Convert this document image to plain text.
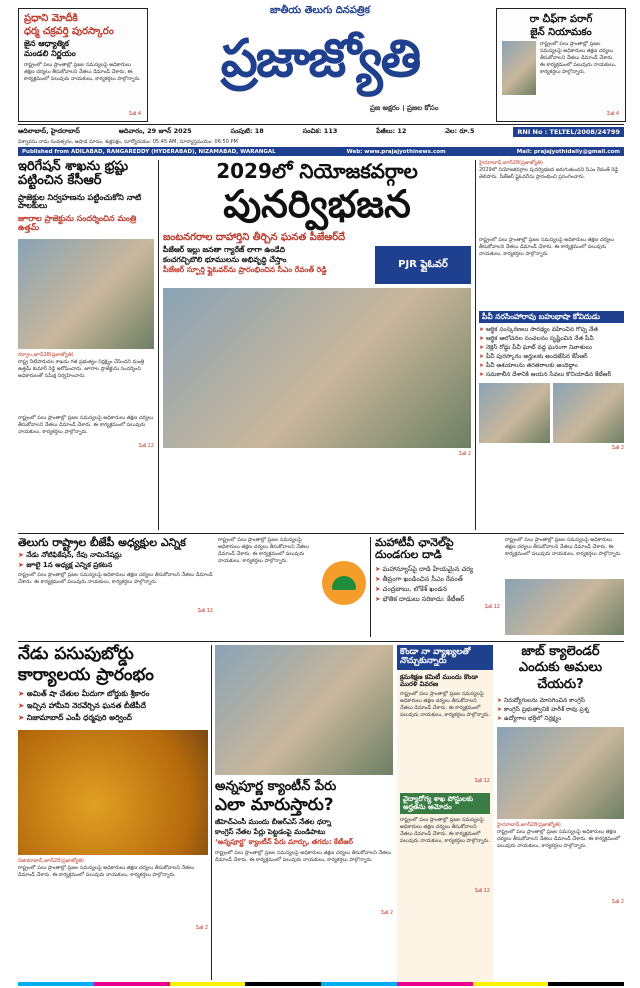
ప్రధాని మోదీకి
ధర్మ చక్రవర్తి పురస్కారం
జైన ఆధ్యాత్మిక
మండలి నిర్ణయం
రాష్ట్రంలో పలు ప్రాంతాల్లో ప్రజల సమస్యలపై అధికారులు తక్షణ చర్యలు తీసుకోవాలని నేతలు డిమాండ్ చేశారు. ఈ కార్యక్రమంలో పలువురు నాయకులు, కార్యకర్తలు పాల్గొన్నారు.
పేజీ 4
జాతీయ తెలుగు దినపత్రిక
ప్రజాజ్యోతి
ప్రజ అక్షరం । ప్రజల కోసం
రా చీఫ్‌గా పరాగ్
జైన్ నియామకం
రాష్ట్రంలో పలు ప్రాంతాల్లో ప్రజల సమస్యలపై అధికారులు తక్షణ చర్యలు తీసుకోవాలని నేతలు డిమాండ్ చేశారు. ఈ కార్యక్రమంలో పలువురు నాయకులు, కార్యకర్తలు పాల్గొన్నారు.
పేజీ 4
ఆదిలాబాద్, హైదరాబాద్	ఆదివారం, 29 జూన్ 2025	సంపుటి: 18	సంచిక: 113	పేజీలు: 12	వెల: రూ.5	RNI No : TELTEL/2008/24799
విశ్వావసు నామ సంవత్సరం, ఆషాడ మాసం, శుక్లపక్షం, సూర్యోదయం: 05:45 AM, సూర్యాస్తమయం: 06:50 PM
Published from ADILABAD, RANGAREDDY (HYDERABAD), NIZAMABAD, WARANGAL	Web: www.prajajyothinews.com	Mail: prajajyothidaily@gmail.com
ఇరిగేషన్ శాఖను భ్రష్టు పట్టించిన కేసీఆర్
ప్రాజెక్టుల నిర్వహణను పట్టించుకోని నాటి పాలకులు
జూరాల ప్రాజెక్టును సందర్శించిన మంత్రి ఉత్తమ్
గద్వాల,జూన్28(ప్రజాజ్యోతి)
రాష్ట్ర నీటిపారుదల శాఖను గత ప్రభుత్వం నిర్లక్ష్యం చేసిందని మంత్రి ఉత్తమ్ కుమార్ రెడ్డి ఆరోపించారు. జూరాల ప్రాజెక్టును సందర్శించి అధికారులతో సమీక్ష నిర్వహించారు.
రాష్ట్రంలో పలు ప్రాంతాల్లో ప్రజల సమస్యలపై అధికారులు తక్షణ చర్యలు తీసుకోవాలని నేతలు డిమాండ్ చేశారు. ఈ కార్యక్రమంలో పలువురు నాయకులు, కార్యకర్తలు పాల్గొన్నారు.
పేజీ 12
2029లో నియోజకవర్గాల
పునర్విభజన
జంటనగరాల దాహార్తిని తీర్చిన ఘనత పీజేఆర్‌దే
పీజేఆర్ ఇల్లు జనతా గ్యారేజ్ లాగా ఉండేది
కంచగచ్చిబౌలి భూములను అభివృద్ధి చేస్తాం
పీజేఆర్ స్ఫూర్తి ఫ్లైఓవర్‌ను ప్రారంభించిన సీఎం రేవంత్ రెడ్డి	PJR ఫ్లైఓవర్
పేజీ 2
హైదరాబాద్,జూన్28(ప్రజాజ్యోతి)
2029లో నియోజకవర్గాల పునర్విభజన జరుగుతుందని సీఎం రేవంత్ రెడ్డి తెలిపారు. పీజేఆర్ ఫ్లైఓవర్‌ను ప్రారంభించి ప్రసంగించారు.
రాష్ట్రంలో పలు ప్రాంతాల్లో ప్రజల సమస్యలపై అధికారులు తక్షణ చర్యలు తీసుకోవాలని నేతలు డిమాండ్ చేశారు. ఈ కార్యక్రమంలో పలువురు నాయకులు, కార్యకర్తలు పాల్గొన్నారు.
పీవీ నరసింహారావు బహుభాషా కోవిదుడు
➤ ఆర్థిక సంస్కరణలు సారథ్యం వహించిన గొప్ప నేత
➤ ఆర్థిక ఆలోచనల సంచలనం సృష్టించిన నేత పీవీ
➤ నెక్లెస్ రోడ్డు పీవీ ఘాట్ వద్ద ఘనంగా నివాళులు
➤ పీవీ పురస్కారం అర్హులకు అందజేసిన కేసీఆర్
➤ పీవీ ఆశయాలను తరతరాలకు అందిద్దాం
➤ సమకాలీన దేశానికి ఆయన సేవలు కొనియాడిన కేటీఆర్
పేజీ 2
తెలుగు రాష్ట్రాల బీజేపీ అధ్యక్షుల ఎన్నిక
➤ నేడు నోటిఫికేషన్, రేపు నామినేషన్లు
➤ జూలై 1న అధ్యక్ష ఎన్నిక ప్రకటన
రాష్ట్రంలో పలు ప్రాంతాల్లో ప్రజల సమస్యలపై అధికారులు తక్షణ చర్యలు తీసుకోవాలని నేతలు డిమాండ్ చేశారు. ఈ కార్యక్రమంలో పలువురు నాయకులు, కార్యకర్తలు పాల్గొన్నారు.
పేజీ 12
రాష్ట్రంలో పలు ప్రాంతాల్లో ప్రజల సమస్యలపై అధికారులు తక్షణ చర్యలు తీసుకోవాలని నేతలు డిమాండ్ చేశారు. ఈ కార్యక్రమంలో పలువురు నాయకులు, కార్యకర్తలు పాల్గొన్నారు.
మహాటీవీ ఛానెల్‌పై దుండగుల దాడి
➤ మహాన్యూస్‌పై దాడి హేయమైన చర్య
➤ తీవ్రంగా ఖండించిన సీఎం రేవంత్
➤ చంద్రబాబు, లోకేశ్ ఖండన
➤ భౌతిక దాడులు సరికాదు: కేటీఆర్
పేజీ 12
రాష్ట్రంలో పలు ప్రాంతాల్లో ప్రజల సమస్యలపై అధికారులు తక్షణ చర్యలు తీసుకోవాలని నేతలు డిమాండ్ చేశారు. ఈ కార్యక్రమంలో పలువురు నాయకులు, కార్యకర్తలు పాల్గొన్నారు.
నేడు పసుపుబోర్డు
కార్యాలయ ప్రారంభం
➤ అమిత్ షా చేతుల మీదుగా బోర్డుకు శ్రీకారం
➤ ఇచ్చిన హామీని నెరవేర్చిన ఘనత బీజేపీదే
➤ నిజామాబాద్ ఎంపీ ధర్మపురి అర్వింద్
నిజామాబాద్,జూన్28(ప్రజాజ్యోతి)
రాష్ట్రంలో పలు ప్రాంతాల్లో ప్రజల సమస్యలపై అధికారులు తక్షణ చర్యలు తీసుకోవాలని నేతలు డిమాండ్ చేశారు. ఈ కార్యక్రమంలో పలువురు నాయకులు, కార్యకర్తలు పాల్గొన్నారు.
పేజీ 2
అన్నపూర్ణ క్యాంటీన్ పేరు
ఎలా మారుస్తారు?
జీహెచ్ఎంసీ ముందు బీఆర్ఎస్ నేతల ధర్నా
కాంగ్రెస్ నేతల పేర్లు పెట్టడంపై మండిపాటు
‘అన్నపూర్ణ’ క్యాంటీన్ పేరు మార్పు, తగదు: కేటీఆర్
రాష్ట్రంలో పలు ప్రాంతాల్లో ప్రజల సమస్యలపై అధికారులు తక్షణ చర్యలు తీసుకోవాలని నేతలు డిమాండ్ చేశారు. ఈ కార్యక్రమంలో పలువురు నాయకులు, కార్యకర్తలు పాల్గొన్నారు.
పేజీ 2
కొండా నా వ్యాఖ్యలతో నొచ్చుకున్నారు
క్రమశిక్షణ కమిటీ ముందు కొండా మురళి వివరణ
రాష్ట్రంలో పలు ప్రాంతాల్లో ప్రజల సమస్యలపై అధికారులు తక్షణ చర్యలు తీసుకోవాలని నేతలు డిమాండ్ చేశారు. ఈ కార్యక్రమంలో పలువురు నాయకులు, కార్యకర్తలు పాల్గొన్నారు.
పేజీ 12
వైద్యారోగ్య శాఖ పోస్టులకు అర్హతను ఆమోదం
రాష్ట్రంలో పలు ప్రాంతాల్లో ప్రజల సమస్యలపై అధికారులు తక్షణ చర్యలు తీసుకోవాలని నేతలు డిమాండ్ చేశారు. ఈ కార్యక్రమంలో పలువురు నాయకులు, కార్యకర్తలు పాల్గొన్నారు.
పేజీ 12
జాబ్ క్యాలెండర్
ఎందుకు అమలు
చేయరు?
➤ నిరుద్యోగులను మోసగించిన కాంగ్రెస్
➤ కాంగ్రెస్ ప్రభుత్వానికి హరీశ్ రావు ప్రశ్న
➤ ఉద్యోగాల భర్తీలో నిర్లక్ష్యం
హైదరాబాద్,జూన్28(ప్రజాజ్యోతి)
రాష్ట్రంలో పలు ప్రాంతాల్లో ప్రజల సమస్యలపై అధికారులు తక్షణ చర్యలు తీసుకోవాలని నేతలు డిమాండ్ చేశారు. ఈ కార్యక్రమంలో పలువురు నాయకులు, కార్యకర్తలు పాల్గొన్నారు.
పేజీ 2
